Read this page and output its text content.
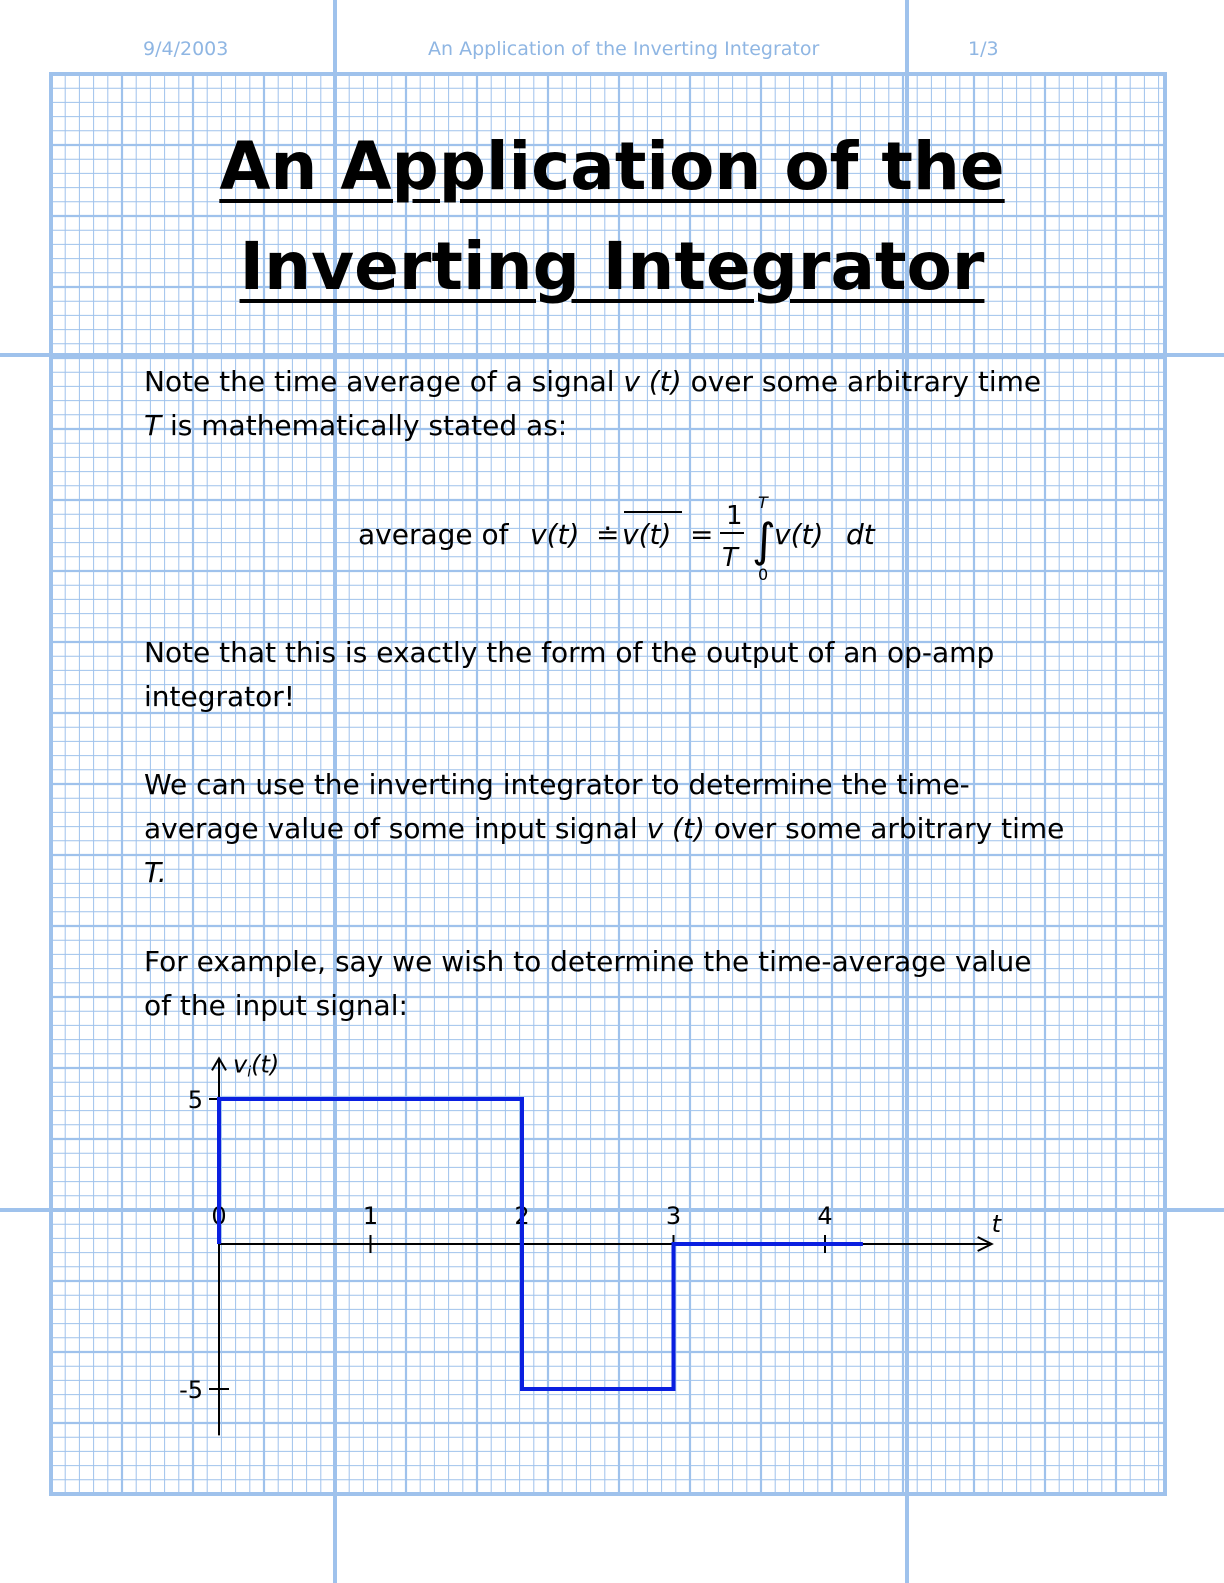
9/4/2003	An Application of the Inverting Integrator	1/3
An Application of the
Inverting Integrator

Note the time average of a signal v (t) over some arbitrary time
T is mathematically stated as:

average of v(t) ≐ v(t) =
1
T ∫
T
0
v(t) dt

Note that this is exactly the form of the output of an op-amp
integrator!

We can use the inverting integrator to determine the time-
average value of some input signal v (t) over some arbitrary time
T.

For example, say we wish to determine the time-average value
of the input signal:

vi(t)
t
0	1	2	3	4
5
-5
